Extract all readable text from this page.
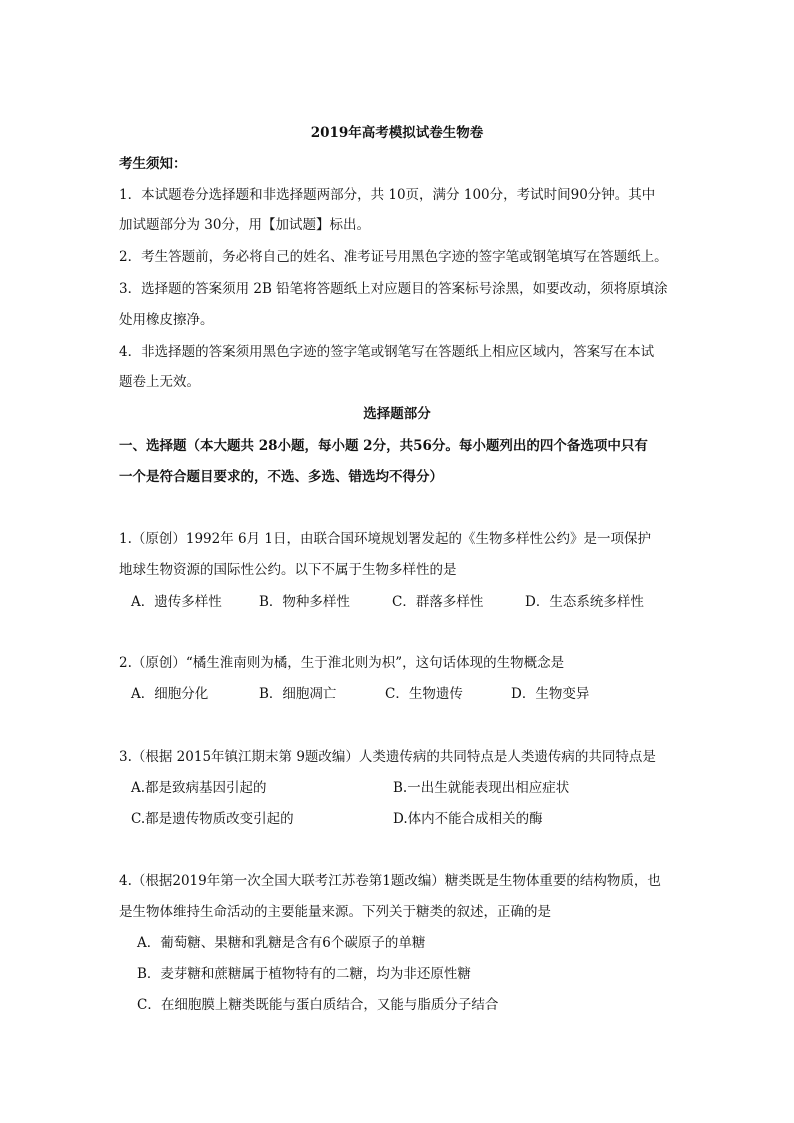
2019年高考模拟试卷生物卷
考生须知：
1．本试题卷分选择题和非选择题两部分，共 10页，满分 100分，考试时间90分钟。其中
加试题部分为 30分，用【加试题】标出。
2．考生答题前，务必将自己的姓名、准考证号用黑色字迹的签字笔或钢笔填写在答题纸上。
3．选择题的答案须用 2B 铅笔将答题纸上对应题目的答案标号涂黑，如要改动，须将原填涂
处用橡皮擦净。
4．非选择题的答案须用黑色字迹的签字笔或钢笔写在答题纸上相应区域内，答案写在本试
题卷上无效。
选择题部分
一、选择题（本大题共 28小题，每小题 2分，共56分。每小题列出的四个备选项中只有
一个是符合题目要求的，不选、多选、错选均不得分）
1.（原创）1992年 6月 1日，由联合国环境规划署发起的《生物多样性公约》是一项保护
地球生物资源的国际性公约。以下不属于生物多样性的是
A．遗传多样性	B．物种多样性	C．群落多样性	D．生态系统多样性
2.（原创）“橘生淮南则为橘，生于淮北则为枳”，这句话体现的生物概念是
A．细胞分化	B．细胞凋亡	C．生物遗传	D．生物变异
3.（根据 2015年镇江期末第 9题改编）人类遗传病的共同特点是人类遗传病的共同特点是
A.都是致病基因引起的	B.一出生就能表现出相应症状
C.都是遗传物质改变引起的	D.体内不能合成相关的酶
4.（根据2019年第一次全国大联考江苏卷第1题改编）糖类既是生物体重要的结构物质，也
是生物体维持生命活动的主要能量来源。下列关于糖类的叙述，正确的是
A．葡萄糖、果糖和乳糖是含有6个碳原子的单糖
B．麦芽糖和蔗糖属于植物特有的二糖，均为非还原性糖
C．在细胞膜上糖类既能与蛋白质结合，又能与脂质分子结合
